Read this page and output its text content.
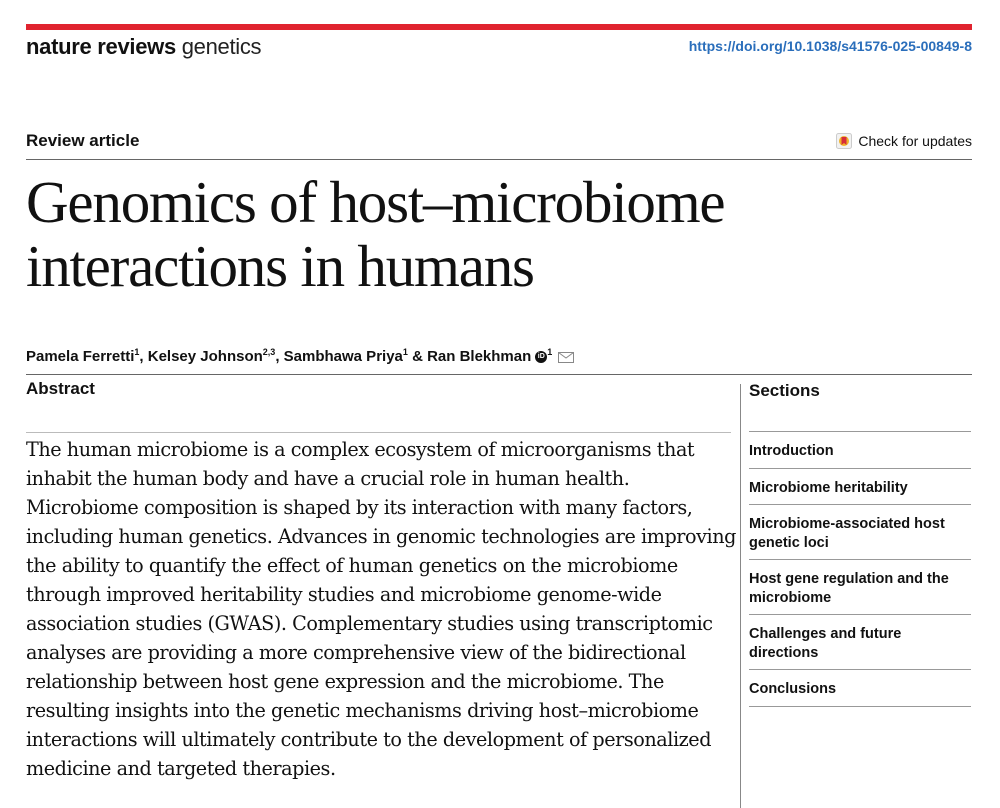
nature reviews genetics	https://doi.org/10.1038/s41576-025-00849-8
Review article	Check for updates
Genomics of host–microbiome
interactions in humans
Pamela Ferretti$^1$, Kelsey Johnson$^{2,3}$, Sambhawa Priya$^1$ & Ran Blekhman iD $^1$
Abstract

The human microbiome is a complex ecosystem of microorganisms that inhabit the human body and have a crucial role in human health. Microbiome composition is shaped by its interaction with many factors, including human genetics. Advances in genomic technologies are improving the ability to quantify the effect of human genetics on the microbiome through improved heritability studies and microbiome genome-wide association studies (GWAS). Complementary studies using transcriptomic analyses are providing a more comprehensive view of the bidirectional relationship between host gene expression and the microbiome. The resulting insights into the genetic mechanisms driving host–microbiome interactions will ultimately contribute to the development of personalized medicine and targeted therapies.

Sections
Introduction
Microbiome heritability
Microbiome-associated host genetic loci
Host gene regulation and the microbiome
Challenges and future directions
Conclusions
